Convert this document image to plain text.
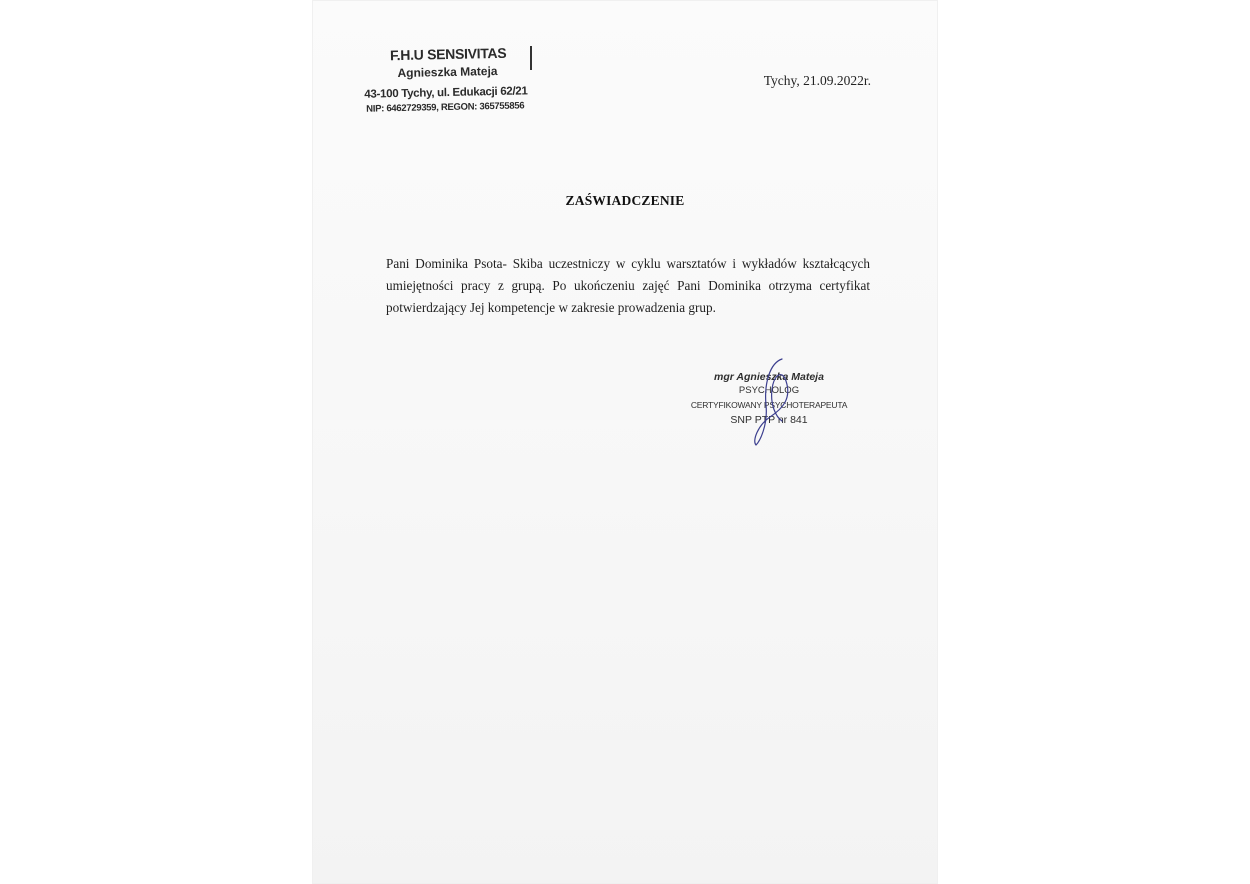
F.H.U SENSIVITAS
Agnieszka Mateja
43-100 Tychy, ul. Edukacji 62/21
NIP: 6462729359, REGON: 365755856
Tychy, 21.09.2022r.
ZAŚWIADCZENIE
Pani Dominika Psota- Skiba uczestniczy w cyklu warsztatów i wykładów kształcących umiejętności pracy z grupą. Po ukończeniu zajęć Pani Dominika otrzyma certyfikat potwierdzający Jej kompetencje w zakresie prowadzenia grup.
mgr Agnieszka Mateja
PSYCHOLOG
CERTYFIKOWANY PSYCHOTERAPEUTA
SNP PTP nr 841
